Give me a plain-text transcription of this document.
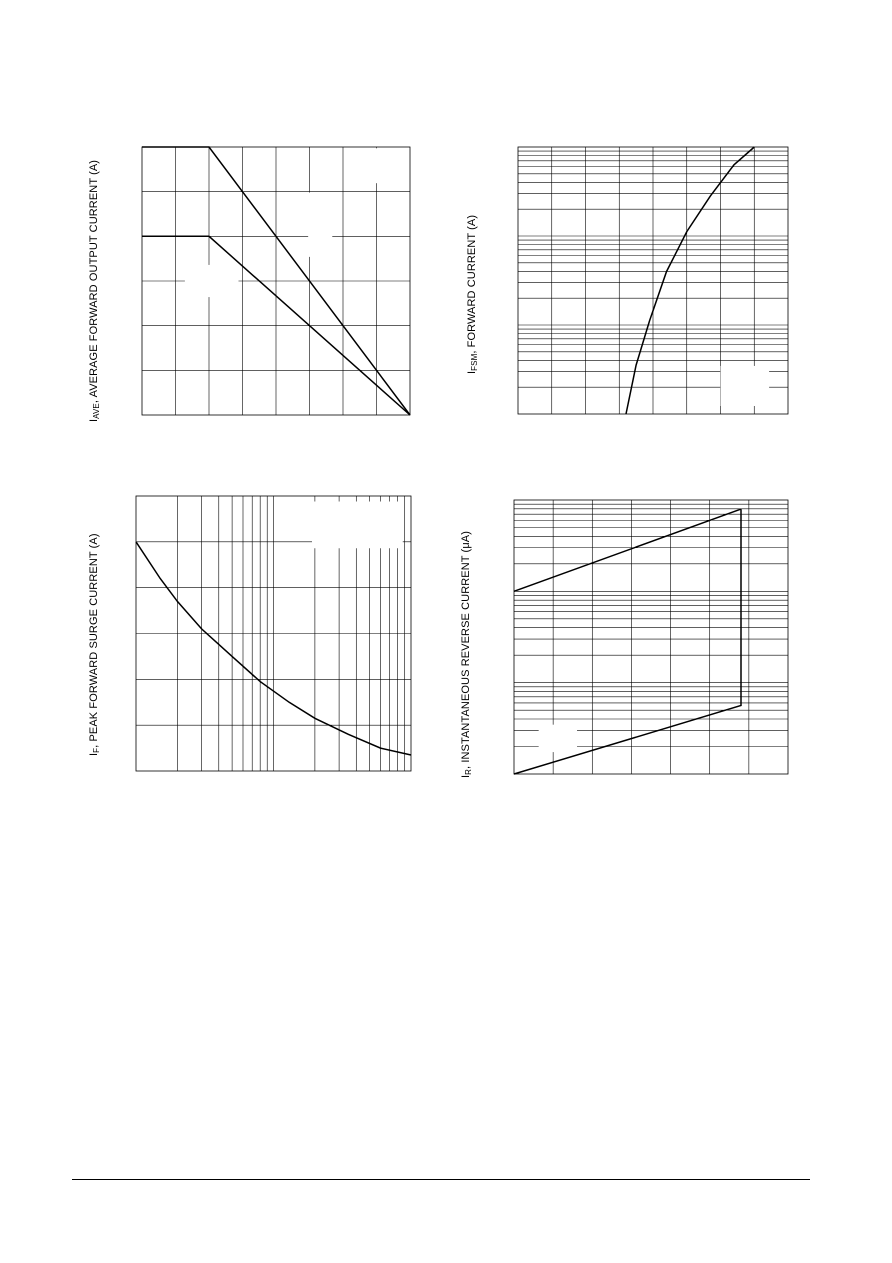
$I_{AVE}$, AVERAGE FORWARD OUTPUT CURRENT (A)	$I_{FSM}$, FORWARD CURRENT (A)
$I_F$, PEAK FORWARD SURGE CURRENT (A)
$I_R$, INSTANTANEOUS REVERSE CURRENT (μA)
